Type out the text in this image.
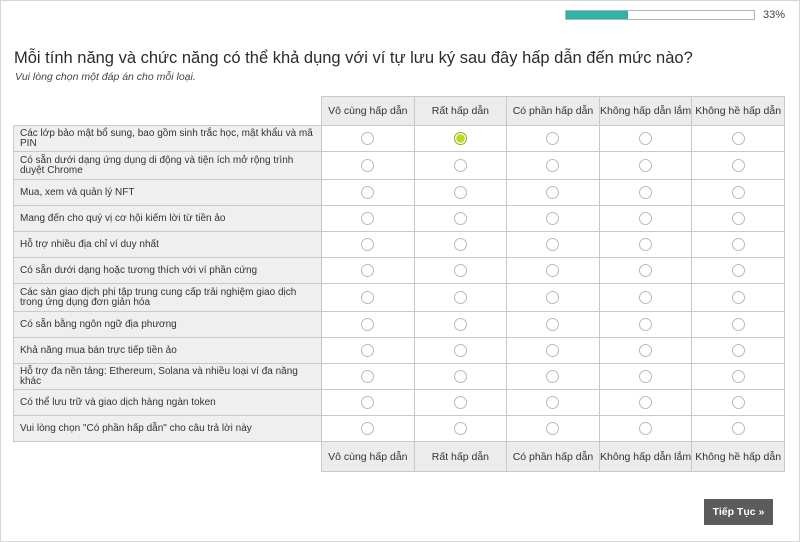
33%
Mỗi tính năng và chức năng có thể khả dụng với ví tự lưu ký sau đây hấp dẫn đến mức nào?
Vui lòng chọn một đáp án cho mỗi loại.
	Vô cùng hấp dẫn	Rất hấp dẫn	Có phần hấp dẫn	Không hấp dẫn lắm	Không hề hấp dẫn
Các lớp bảo mật bổ sung, bao gồm sinh trắc học, mật khẩu và mã PIN					
Có sẵn dưới dạng ứng dụng di động và tiện ích mở rộng trình duyệt Chrome					
Mua, xem và quản lý NFT					
Mang đến cho quý vị cơ hội kiếm lời từ tiền ảo					
Hỗ trợ nhiều địa chỉ ví duy nhất					
Có sẵn dưới dạng hoặc tương thích với ví phần cứng					
Các sàn giao dịch phi tập trung cung cấp trải nghiệm giao dịch trong ứng dụng đơn giản hóa					
Có sẵn bằng ngôn ngữ địa phương					
Khả năng mua bán trực tiếp tiền ảo					
Hỗ trợ đa nền tảng: Ethereum, Solana và nhiều loại ví đa năng khác					
Có thể lưu trữ và giao dịch hàng ngàn token					
Vui lòng chọn "Có phần hấp dẫn" cho câu trả lời này					
	Vô cùng hấp dẫn	Rất hấp dẫn	Có phần hấp dẫn	Không hấp dẫn lắm	Không hề hấp dẫn
Tiếp Tục »
